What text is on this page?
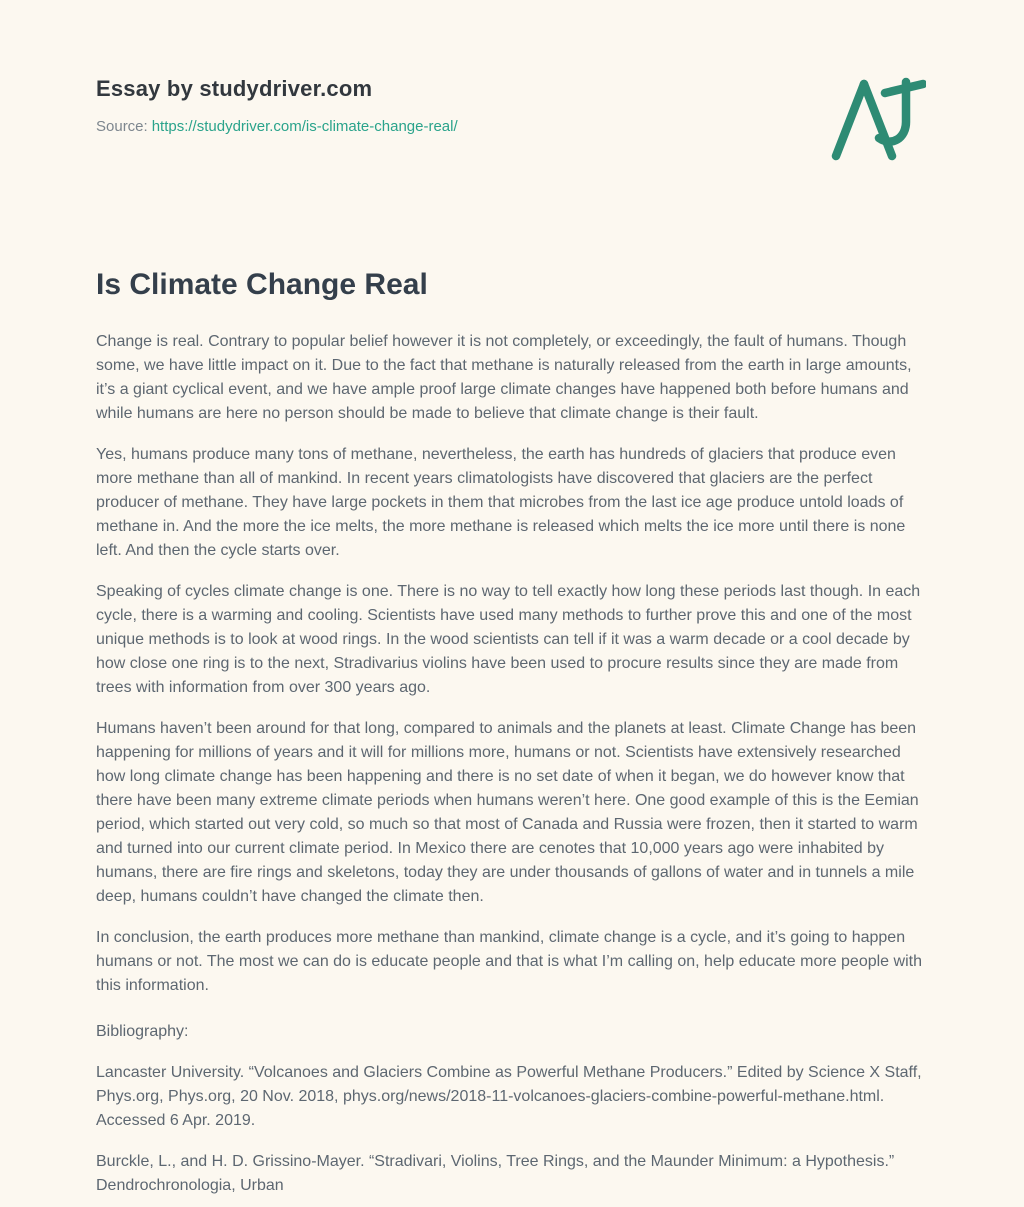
Essay by studydriver.com

Source: https://studydriver.com/is-climate-change-real/

Is Climate Change Real

Change is real. Contrary to popular belief however it is not completely, or exceedingly, the fault of humans. Though some, we have little impact on it. Due to the fact that methane is naturally released from the earth in large amounts, it’s a giant cyclical event, and we have ample proof large climate changes have happened both before humans and while humans are here no person should be made to believe that climate change is their fault.

Yes, humans produce many tons of methane, nevertheless, the earth has hundreds of glaciers that produce even more methane than all of mankind. In recent years climatologists have discovered that glaciers are the perfect producer of methane. They have large pockets in them that microbes from the last ice age produce untold loads of methane in. And the more the ice melts, the more methane is released which melts the ice more until there is none left. And then the cycle starts over.

Speaking of cycles climate change is one. There is no way to tell exactly how long these periods last though. In each cycle, there is a warming and cooling. Scientists have used many methods to further prove this and one of the most unique methods is to look at wood rings. In the wood scientists can tell if it was a warm decade or a cool decade by how close one ring is to the next, Stradivarius violins have been used to procure results since they are made from trees with information from over 300 years ago.

Humans haven’t been around for that long, compared to animals and the planets at least. Climate Change has been happening for millions of years and it will for millions more, humans or not. Scientists have extensively researched how long climate change has been happening and there is no set date of when it began, we do however know that there have been many extreme climate periods when humans weren’t here. One good example of this is the Eemian period, which started out very cold, so much so that most of Canada and Russia were frozen, then it started to warm and turned into our current climate period. In Mexico there are cenotes that 10,000 years ago were inhabited by humans, there are fire rings and skeletons, today they are under thousands of gallons of water and in tunnels a mile deep, humans couldn’t have changed the climate then.

In conclusion, the earth produces more methane than mankind, climate change is a cycle, and it’s going to happen humans or not. The most we can do is educate people and that is what I’m calling on, help educate more people with this information.

Bibliography:

Lancaster University. “Volcanoes and Glaciers Combine as Powerful Methane Producers.” Edited by Science X Staff, Phys.org, Phys.org, 20 Nov. 2018, phys.org/news/2018-11-volcanoes-glaciers-combine-powerful-methane.html. Accessed 6 Apr. 2019.

Burckle, L., and H. D. Grissino-Mayer. “Stradivari, Violins, Tree Rings, and the Maunder Minimum: a Hypothesis.” Dendrochronologia, Urban
